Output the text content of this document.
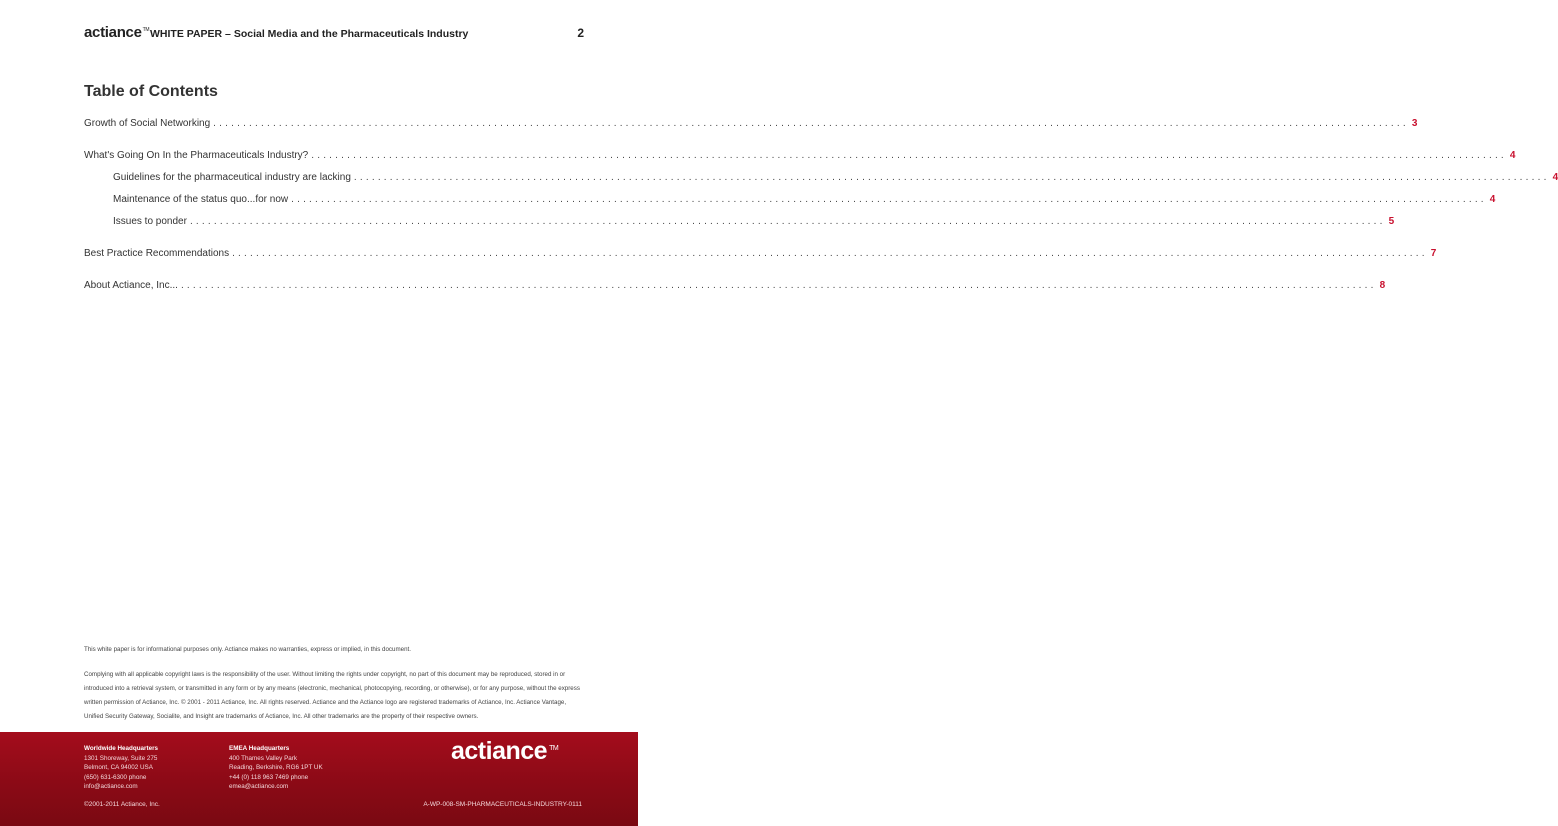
actiance™ WHITE PAPER – Social Media and the Pharmaceuticals Industry	2
Table of Contents
Growth of Social Networking ........................................................................................................................................................................................................ 3
What's Going On In the Pharmaceuticals Industry? ........................................................................................................................................................................................................ 4
Guidelines for the pharmaceutical industry are lacking ........................................................................................................................................................................................................ 4
Maintenance of the status quo...for now ........................................................................................................................................................................................................ 4
Issues to ponder ........................................................................................................................................................................................................ 5
Best Practice Recommendations ........................................................................................................................................................................................................ 7
About Actiance, Inc... ........................................................................................................................................................................................................ 8
This white paper is for informational purposes only. Actiance makes no warranties, express or implied, in this document.
Complying with all applicable copyright laws is the responsibility of the user. Without limiting the rights under copyright, no part of this document may be reproduced, stored in or
introduced into a retrieval system, or transmitted in any form or by any means (electronic, mechanical, photocopying, recording, or otherwise), or for any purpose, without the express
written permission of Actiance, Inc. © 2001 - 2011 Actiance, Inc. All rights reserved. Actiance and the Actiance logo are registered trademarks of Actiance, Inc. Actiance Vantage,
Unified Security Gateway, Socialite, and Insight are trademarks of Actiance, Inc. All other trademarks are the property of their respective owners.
Worldwide Headquarters
1301 Shoreway, Suite 275
Belmont, CA 94002 USA
(650) 631-6300 phone
info@actiance.com
EMEA Headquarters
400 Thames Valley Park
Reading, Berkshire, RG6 1PT UK
+44 (0) 118 963 7469 phone
emea@actiance.com
actiance ™
©2001-2011 Actiance, Inc.	A-WP-008-SM-PHARMACEUTICALS-INDUSTRY-0111
